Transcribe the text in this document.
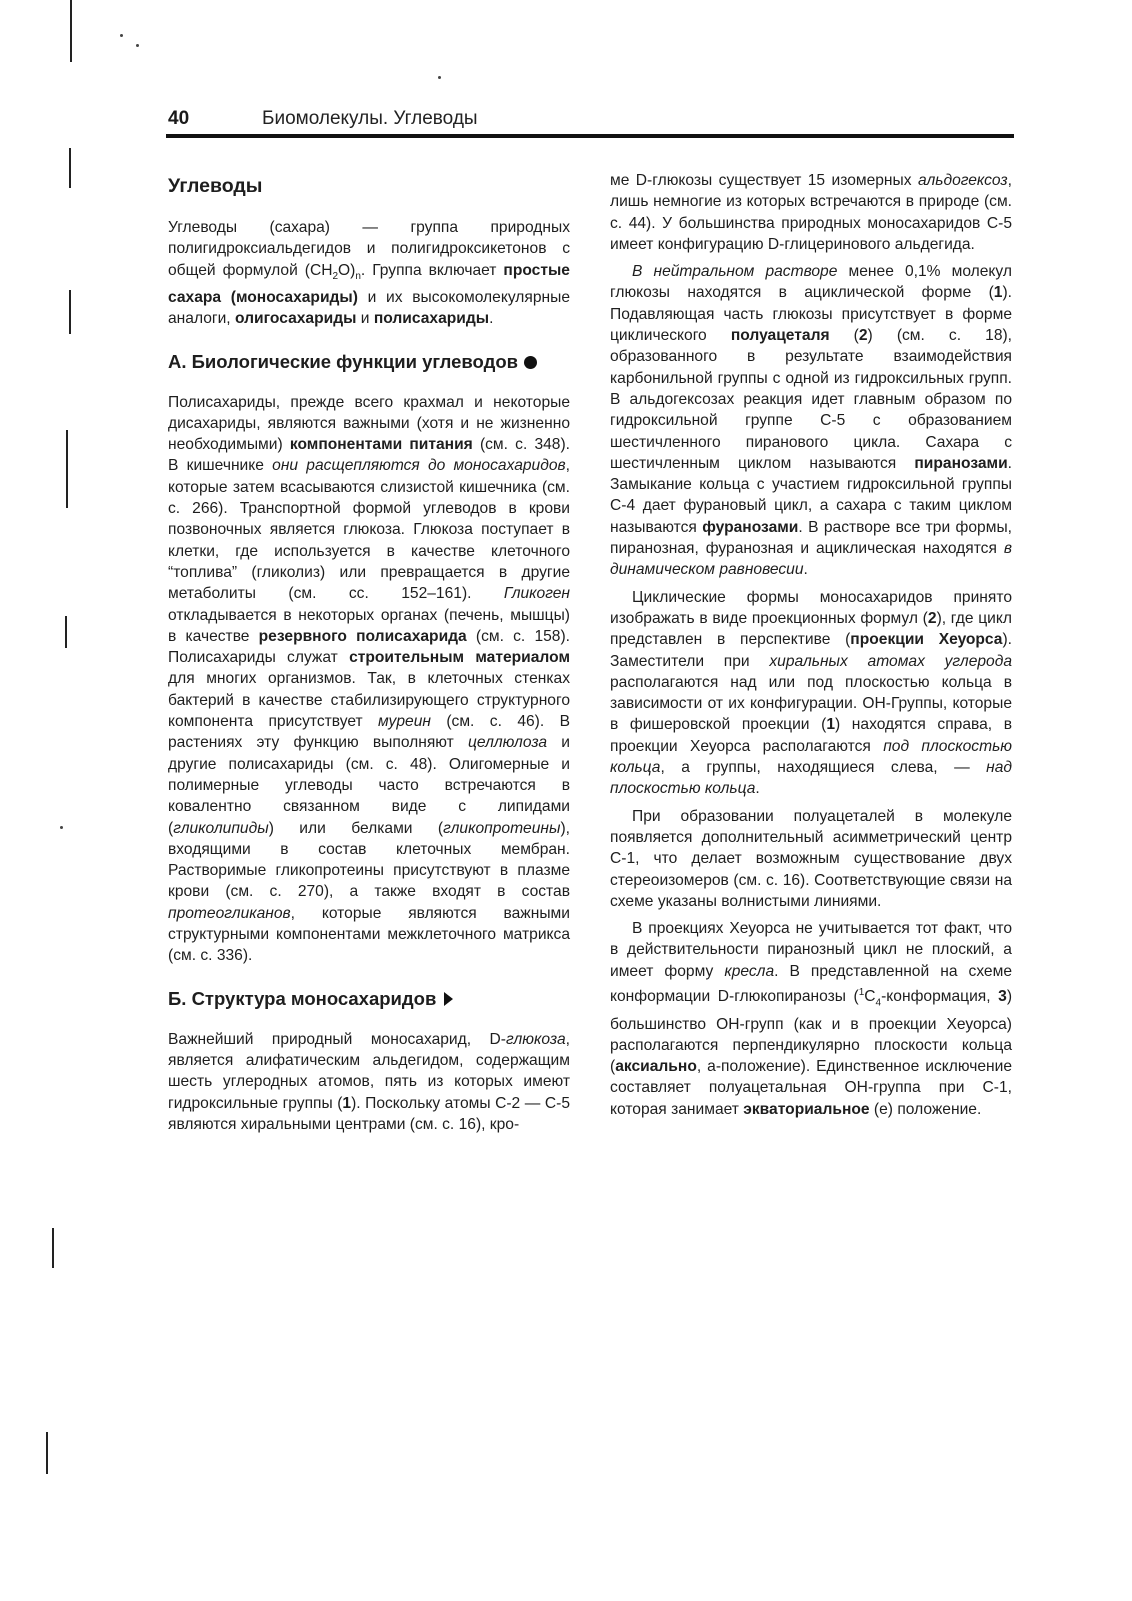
40	Биомолекулы. Углеводы
Углеводы

Углеводы (сахара) — группа природных полигидроксиальдегидов и полигидроксикетонов с общей формулой $(CH_2O)_n$. Группа включает простые сахара (моносахариды) и их высокомолекулярные аналоги, олигосахариды и полисахариды.

А. Биологические функции углеводов

Полисахариды, прежде всего крахмал и некоторые дисахариды, являются важными (хотя и не жизненно необходимыми) компонентами питания (см. с. 348). В кишечнике они расщепляются до моносахаридов, которые затем всасываются слизистой кишечника (см. с. 266). Транспортной формой углеводов в крови позвоночных является глюкоза. Глюкоза поступает в клетки, где используется в качестве клеточного “топлива” (гликолиз) или превращается в другие метаболиты (см. сс. 152–161). Гликоген откладывается в некоторых органах (печень, мышцы) в качестве резервного полисахарида (см. с. 158). Полисахариды служат строительным материалом для многих организмов. Так, в клеточных стенках бактерий в качестве стабилизирующего структурного компонента присутствует муреин (см. с. 46). В растениях эту функцию выполняют целлюлоза и другие полисахариды (см. с. 48). Олигомерные и полимерные углеводы часто встречаются в ковалентно связанном виде с липидами (гликолипиды) или белками (гликопротеины), входящими в состав клеточных мембран. Растворимые гликопротеины присутствуют в плазме крови (см. с. 270), а также входят в состав протеогликанов, которые являются важными структурными компонентами межклеточного матрикса (см. с. 336).

Б. Структура моносахаридов

Важнейший природный моносахарид, D-глюкоза, является алифатическим альдегидом, содержащим шесть углеродных атомов, пять из которых имеют гидроксильные группы (1). Поскольку атомы С-2 — С-5 являются хиральными центрами (см. с. 16), кро-

ме D-глюкозы существует 15 изомерных альдогексоз, лишь немногие из которых встречаются в природе (см. с. 44). У большинства природных моносахаридов С-5 имеет конфигурацию D-глицеринового альдегида.

В нейтральном растворе менее 0,1% молекул глюкозы находятся в ациклической форме (1). Подавляющая часть глюкозы присутствует в форме циклического полуацеталя (2) (см. с. 18), образованного в результате взаимодействия карбонильной группы с одной из гидроксильных групп. В альдогексозах реакция идет главным образом по гидроксильной группе С-5 с образованием шестичленного пиранового цикла. Сахара с шестичленным циклом называются пиранозами. Замыкание кольца с участием гидроксильной группы С-4 дает фурановый цикл, а сахара с таким циклом называются фуранозами. В растворе все три формы, пиранозная, фуранозная и ациклическая находятся в динамическом равновесии.

Циклические формы моносахаридов принято изображать в виде проекционных формул (2), где цикл представлен в перспективе (проекции Хеуорса). Заместители при хиральных атомах углерода располагаются над или под плоскостью кольца в зависимости от их конфигурации. ОН-Группы, которые в фишеровской проекции (1) находятся справа, в проекции Хеуорса располагаются под плоскостью кольца, а группы, находящиеся слева, — над плоскостью кольца.

При образовании полуацеталей в молекуле появляется дополнительный асимметрический центр С-1, что делает возможным существование двух стереоизомеров (см. с. 16). Соответствующие связи на схеме указаны волнистыми линиями.

В проекциях Хеуорса не учитывается тот факт, что в действительности пиранозный цикл не плоский, а имеет форму кресла. В представленной на схеме конформации D-глюкопиранозы ($^1C_4$-конформация, 3) большинство ОН-групп (как и в проекции Хеуорса) располагаются перпендикулярно плоскости кольца (аксиально, а-положение). Единственное исключение составляет полуацетальная ОН-группа при С-1, которая занимает экваториальное (е) положение.
